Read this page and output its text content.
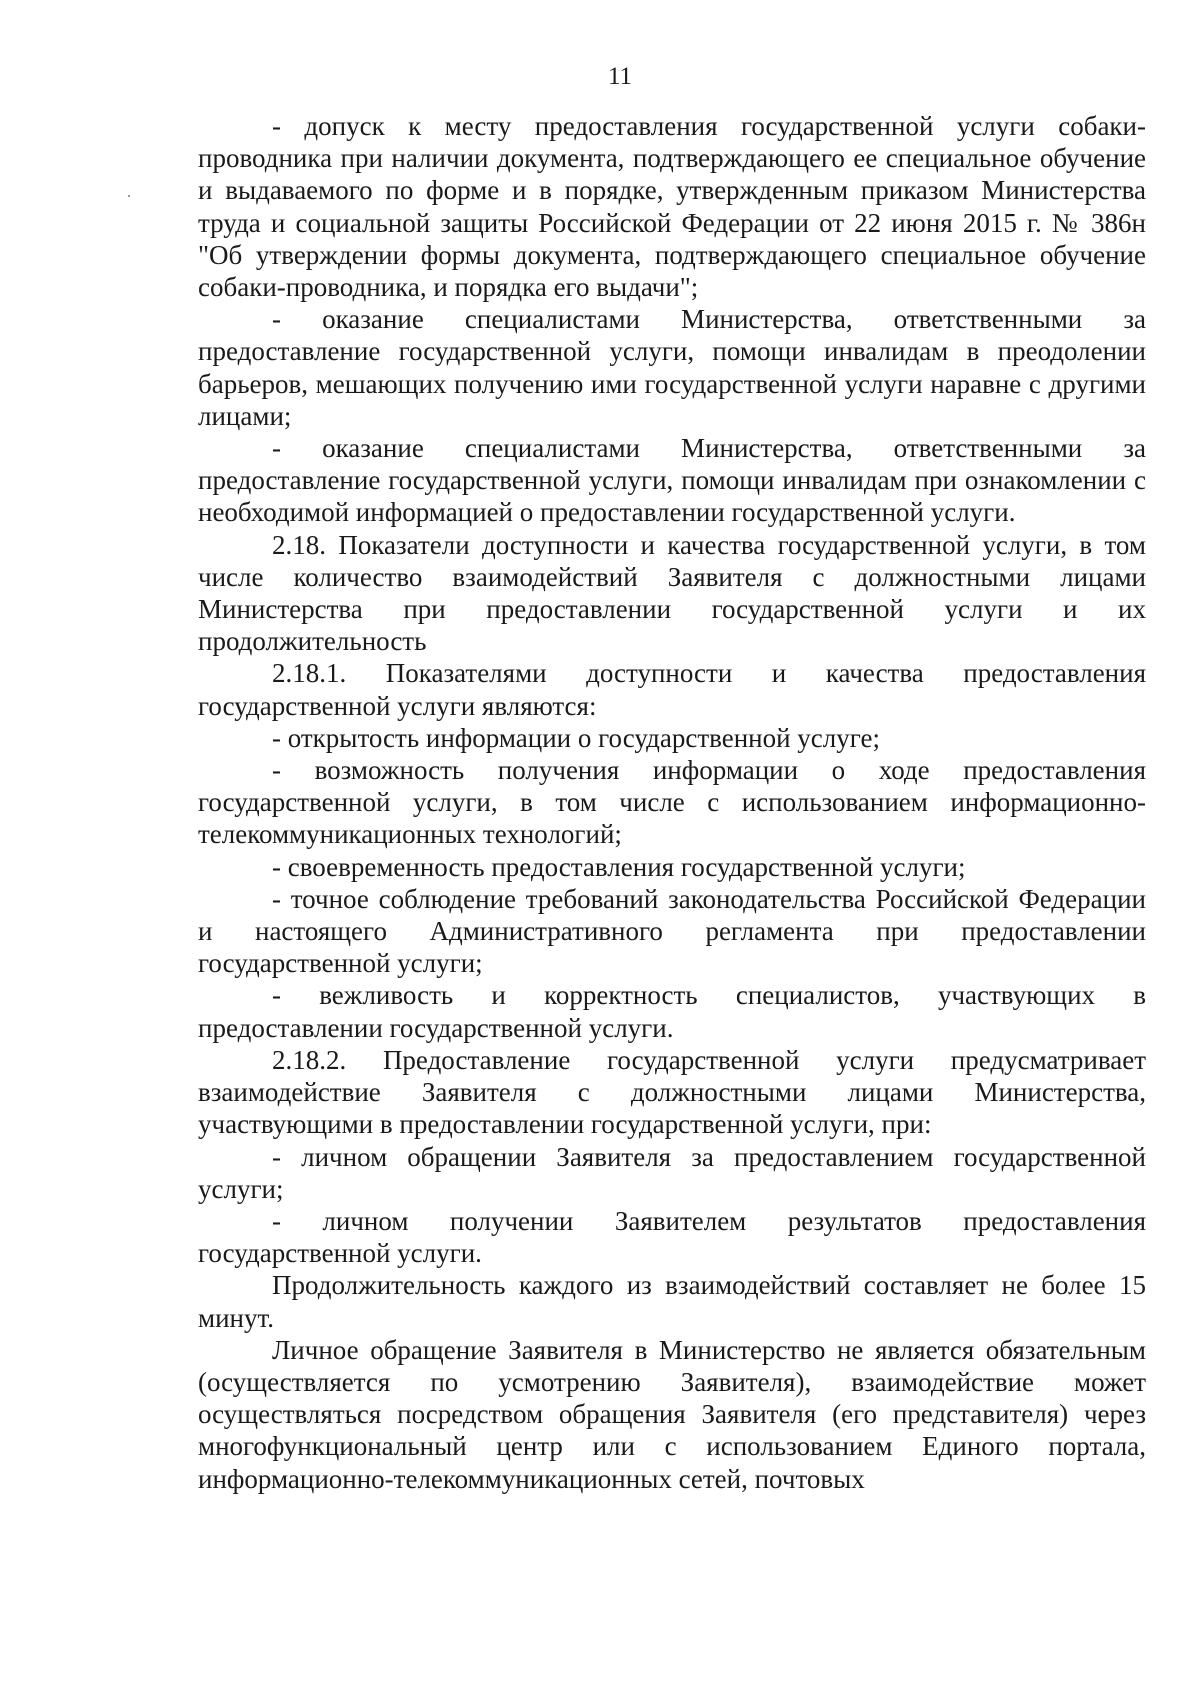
11

- допуск к месту предоставления государственной услуги собаки-проводника при наличии документа, подтверждающего ее специальное обучение и выдаваемого по форме и в порядке, утвержденным приказом Министерства труда и социальной защиты Российской Федерации от 22 июня 2015 г. № 386н "Об утверждении формы документа, подтверждающего специальное обучение собаки-проводника, и порядка его выдачи";

- оказание специалистами Министерства, ответственными за предоставление государственной услуги, помощи инвалидам в преодолении барьеров, мешающих получению ими государственной услуги наравне с другими лицами;

- оказание специалистами Министерства, ответственными за предоставление государственной услуги, помощи инвалидам при ознакомлении с необходимой информацией о предоставлении государственной услуги.

2.18. Показатели доступности и качества государственной услуги, в том числе количество взаимодействий Заявителя с должностными лицами Министерства при предоставлении государственной услуги и их продолжительность

2.18.1. Показателями доступности и качества предоставления государственной услуги являются:

- открытость информации о государственной услуге;

- возможность получения информации о ходе предоставления государственной услуги, в том числе с использованием информационно-телекоммуникационных технологий;

- своевременность предоставления государственной услуги;

- точное соблюдение требований законодательства Российской Федерации и настоящего Административного регламента при предоставлении государственной услуги;

- вежливость и корректность специалистов, участвующих в предоставлении государственной услуги.

2.18.2. Предоставление государственной услуги предусматривает взаимодействие Заявителя с должностными лицами Министерства, участвующими в предоставлении государственной услуги, при:

- личном обращении Заявителя за предоставлением государственной услуги;

- личном получении Заявителем результатов предоставления государственной услуги.

Продолжительность каждого из взаимодействий составляет не более 15 минут.

Личное обращение Заявителя в Министерство не является обязательным (осуществляется по усмотрению Заявителя), взаимодействие может осуществляться посредством обращения Заявителя (его представителя) через многофункциональный центр или с использованием Единого портала, информационно-телекоммуникационных сетей, почтовых
